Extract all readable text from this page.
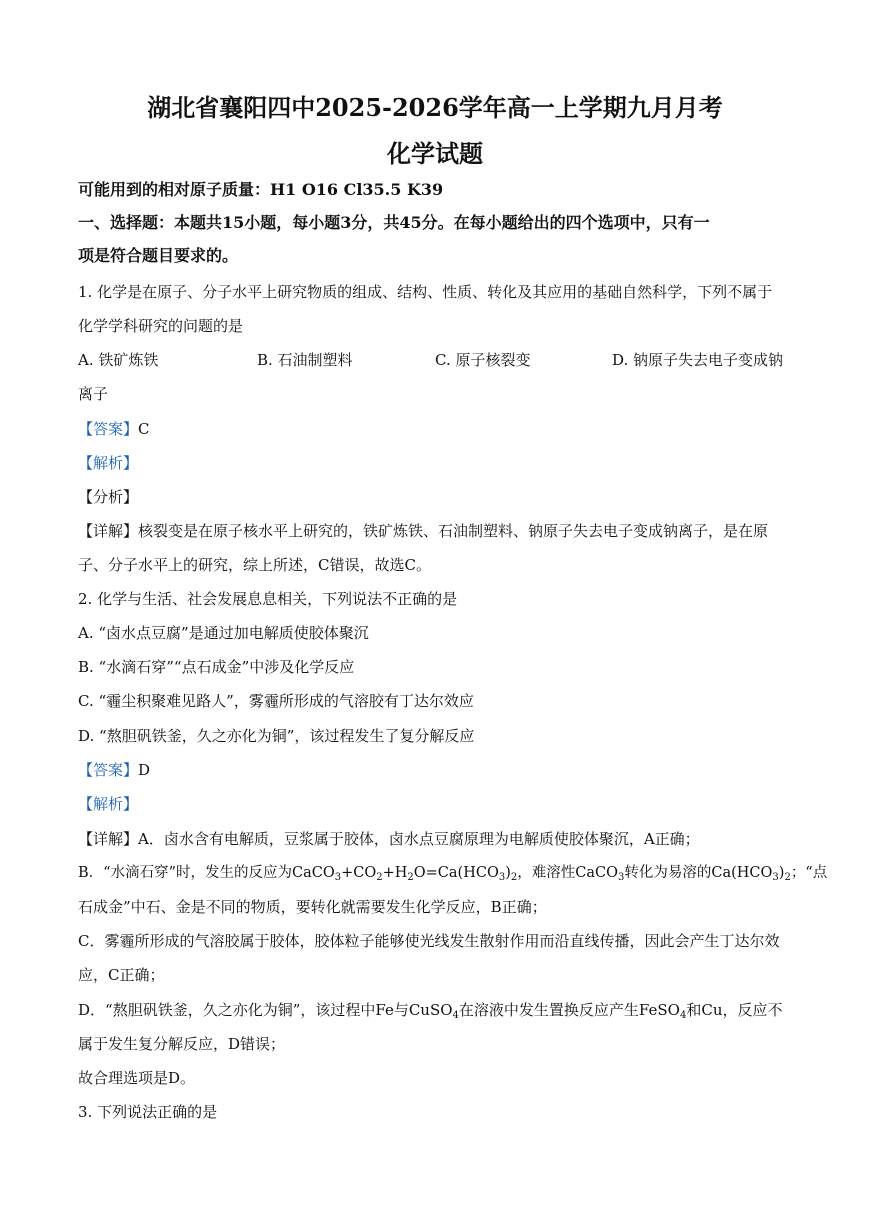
湖北省襄阳四中2025-2026学年高一上学期九月月考
化学试题
可能用到的相对原子质量：H1 O16 Cl35.5 K39
一、选择题：本题共15小题，每小题3分，共45分。在每小题给出的四个选项中，只有一
项是符合题目要求的。
1. 化学是在原子、分子水平上研究物质的组成、结构、性质、转化及其应用的基础自然科学，下列不属于
化学学科研究的问题的是
A. 铁矿炼铁	B. 石油制塑料	C. 原子核裂变	D. 钠原子失去电子变成钠
离子
【答案】C
【解析】
【分析】
【详解】核裂变是在原子核水平上研究的，铁矿炼铁、石油制塑料、钠原子失去电子变成钠离子，是在原
子、分子水平上的研究，综上所述，C错误，故选C。
2. 化学与生活、社会发展息息相关，下列说法不正确的是
A. “卤水点豆腐”是通过加电解质使胶体聚沉
B. “水滴石穿”“点石成金”中涉及化学反应
C. “霾尘积聚难见路人”，雾霾所形成的气溶胶有丁达尔效应
D. “熬胆矾铁釜，久之亦化为铜”，该过程发生了复分解反应
【答案】D
【解析】
【详解】A．卤水含有电解质，豆浆属于胶体，卤水点豆腐原理为电解质使胶体聚沉，A正确；
B．“水滴石穿”时，发生的反应为$CaCO_3+CO_2+H_2O=Ca(HCO_3)_2$，难溶性CaCO$_3$转化为易溶的$Ca(HCO_3)_2$；“点
石成金”中石、金是不同的物质，要转化就需要发生化学反应，B正确；
C．雾霾所形成的气溶胶属于胶体，胶体粒子能够使光线发生散射作用而沿直线传播，因此会产生丁达尔效
应，C正确；
D．“熬胆矾铁釜，久之亦化为铜”，该过程中Fe与CuSO$_4$在溶液中发生置换反应产生FeSO$_4$和Cu，反应不
属于发生复分解反应，D错误；
故合理选项是D。
3. 下列说法正确的是
